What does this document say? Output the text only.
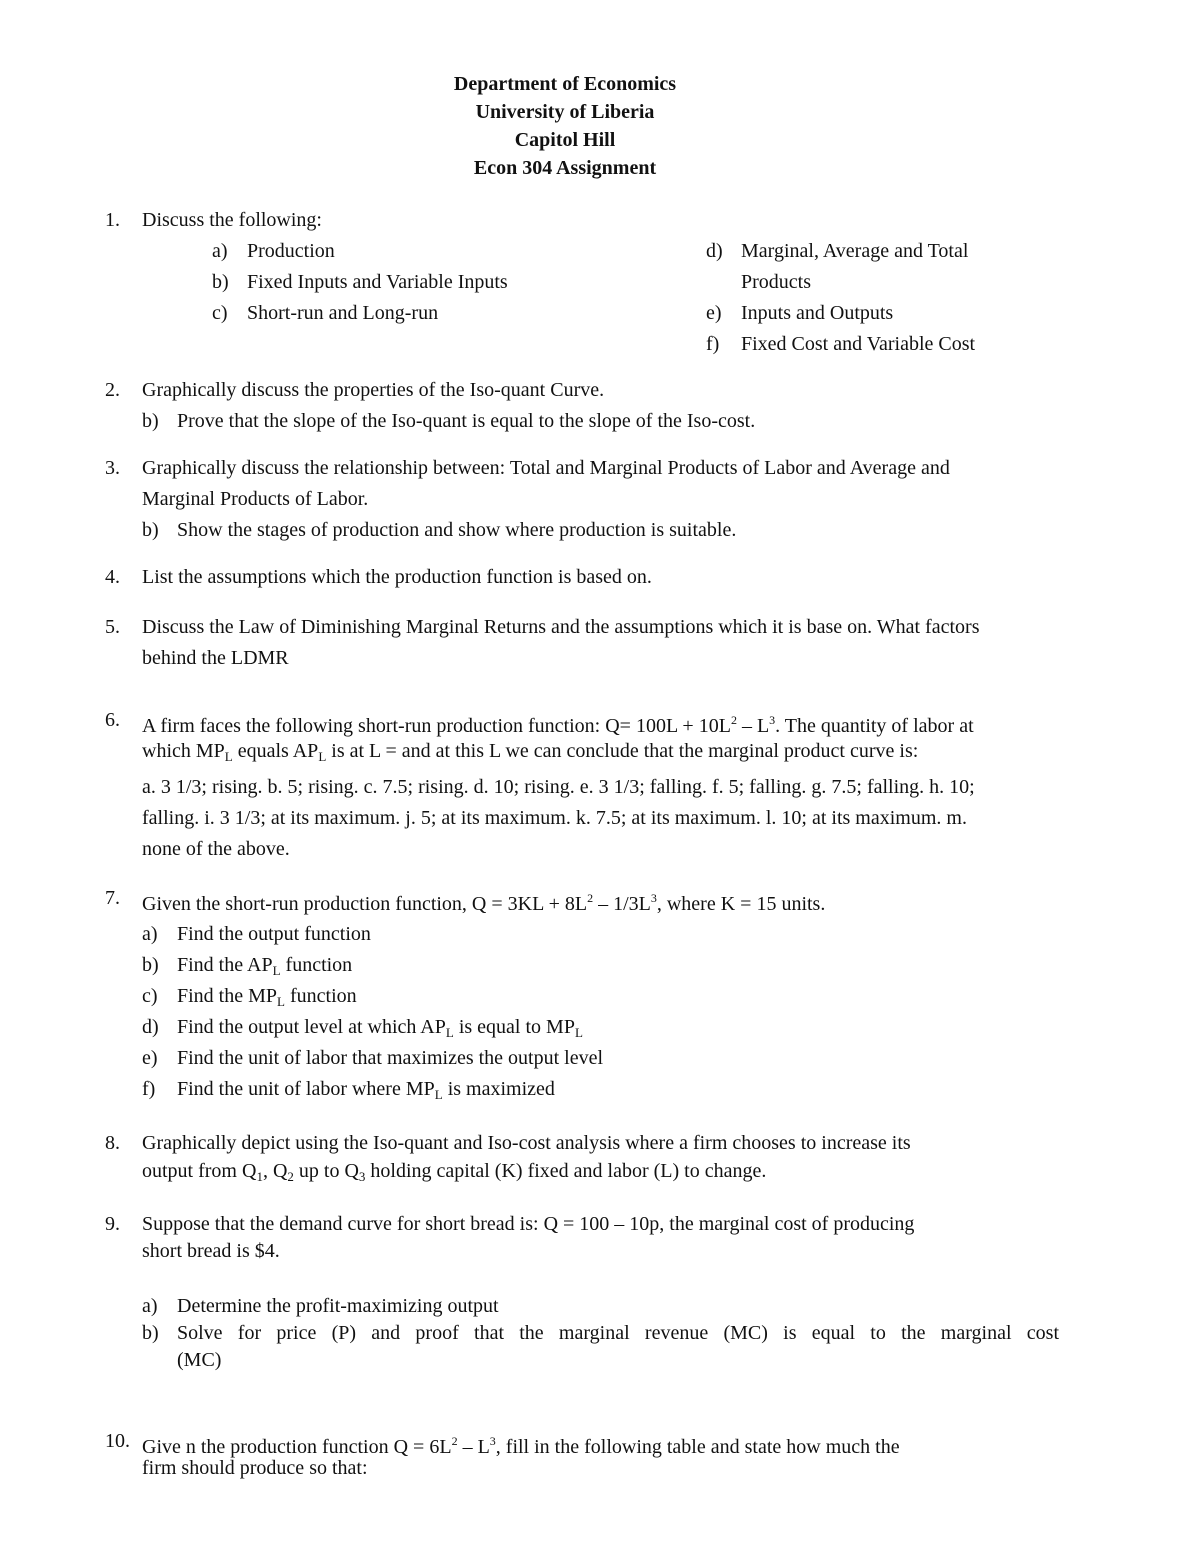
Department of Economics
University of Liberia
Capitol Hill
Econ 304 Assignment
1. Discuss the following:
a) Production
b) Fixed Inputs and Variable Inputs
c) Short-run and Long-run
d) Marginal, Average and Total
Products
e) Inputs and Outputs
f) Fixed Cost and Variable Cost
2. Graphically discuss the properties of the Iso-quant Curve.
b) Prove that the slope of the Iso-quant is equal to the slope of the Iso-cost.
3. Graphically discuss the relationship between: Total and Marginal Products of Labor and Average and
Marginal Products of Labor.
b) Show the stages of production and show where production is suitable.
4. List the assumptions which the production function is based on.
5. Discuss the Law of Diminishing Marginal Returns and the assumptions which it is base on. What factors
behind the LDMR
6. A firm faces the following short-run production function: $Q= 100L + 10L^2 - L^3$. The quantity of labor at
which $MP_L$ equals $AP_L$ is at L = and at this L we can conclude that the marginal product curve is:
a. 3 1/3; rising. b. 5; rising. c. 7.5; rising. d. 10; rising. e. 3 1/3; falling. f. 5; falling. g. 7.5; falling. h. 10;
falling. i. 3 1/3; at its maximum. j. 5; at its maximum. k. 7.5; at its maximum. l. 10; at its maximum. m.
none of the above.
7. Given the short-run production function, $Q = 3KL + 8L^2 - 1/3L^3$, where K = 15 units.
a) Find the output function
b) Find the $AP_L$ function
c) Find the $MP_L$ function
d) Find the output level at which $AP_L$ is equal to $MP_L$
e) Find the unit of labor that maximizes the output level
f) Find the unit of labor where $MP_L$ is maximized
8. Graphically depict using the Iso-quant and Iso-cost analysis where a firm chooses to increase its
output from $Q_1$, $Q_2$ up to $Q_3$ holding capital (K) fixed and labor (L) to change.
9. Suppose that the demand curve for short bread is: Q = 100 – 10p, the marginal cost of producing
short bread is $4.
a) Determine the profit-maximizing output
b) Solve for price (P) and proof that the marginal revenue (MC) is equal to the marginal cost
(MC)
10. Give n the production function $Q = 6L^2 - L^3$, fill in the following table and state how much the
firm should produce so that:
